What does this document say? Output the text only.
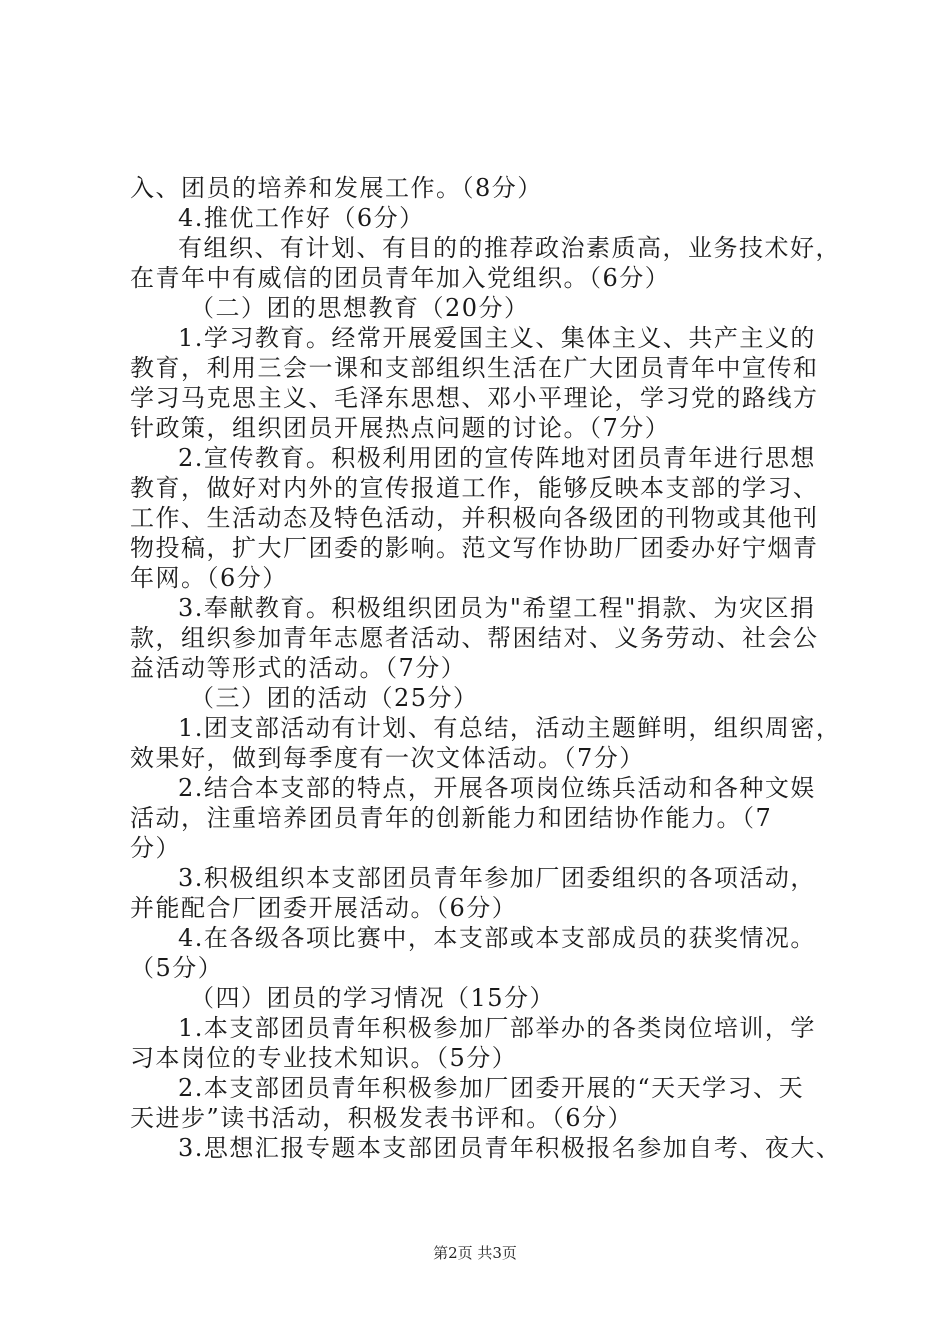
入、团员的培养和发展工作。（8分）
4.推优工作好（6分）
有组织、有计划、有目的的推荐政治素质高，业务技术好，
在青年中有威信的团员青年加入党组织。（6分）
（二）团的思想教育（20分）
1.学习教育。经常开展爱国主义、集体主义、共产主义的
教育，利用三会一课和支部组织生活在广大团员青年中宣传和
学习马克思主义、毛泽东思想、邓小平理论，学习党的路线方
针政策，组织团员开展热点问题的讨论。（7分）
2.宣传教育。积极利用团的宣传阵地对团员青年进行思想
教育，做好对内外的宣传报道工作，能够反映本支部的学习、
工作、生活动态及特色活动，并积极向各级团的刊物或其他刊
物投稿，扩大厂团委的影响。范文写作协助厂团委办好宁烟青
年网。（6分）
3.奉献教育。积极组织团员为"希望工程"捐款、为灾区捐
款，组织参加青年志愿者活动、帮困结对、义务劳动、社会公
益活动等形式的活动。（7分）
（三）团的活动（25分）
1.团支部活动有计划、有总结，活动主题鲜明，组织周密，
效果好，做到每季度有一次文体活动。（7分）
2.结合本支部的特点，开展各项岗位练兵活动和各种文娱
活动，注重培养团员青年的创新能力和团结协作能力。（7
分）
3.积极组织本支部团员青年参加厂团委组织的各项活动，
并能配合厂团委开展活动。（6分）
4.在各级各项比赛中，本支部或本支部成员的获奖情况。
（5分）
（四）团员的学习情况（15分）
1.本支部团员青年积极参加厂部举办的各类岗位培训，学
习本岗位的专业技术知识。（5分）
2.本支部团员青年积极参加厂团委开展的“天天学习、天
天进步”读书活动，积极发表书评和。（6分）
3.思想汇报专题本支部团员青年积极报名参加自考、夜大、
第2页 共3页
